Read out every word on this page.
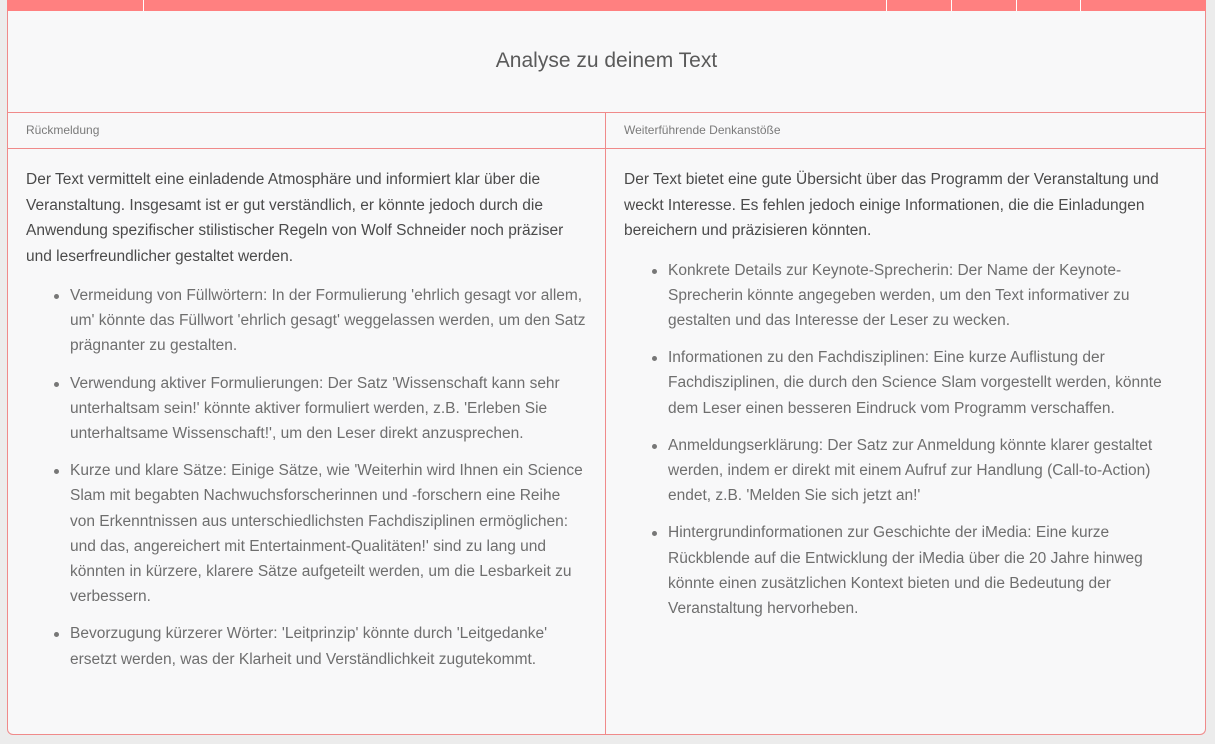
Analyse zu deinem Text
Rückmeldung

Der Text vermittelt eine einladende Atmosphäre und informiert klar über die Veranstaltung. Insgesamt ist er gut verständlich, er könnte jedoch durch die Anwendung spezifischer stilistischer Regeln von Wolf Schneider noch präziser und leserfreundlicher gestaltet werden.

Vermeidung von Füllwörtern: In der Formulierung 'ehrlich gesagt vor allem, um' könnte das Füllwort 'ehrlich gesagt' weggelassen werden, um den Satz prägnanter zu gestalten.
Verwendung aktiver Formulierungen: Der Satz 'Wissenschaft kann sehr unterhaltsam sein!' könnte aktiver formuliert werden, z.B. 'Erleben Sie unterhaltsame Wissenschaft!', um den Leser direkt anzusprechen.
Kurze und klare Sätze: Einige Sätze, wie 'Weiterhin wird Ihnen ein Science Slam mit begabten Nachwuchsforscherinnen und -forschern eine Reihe von Erkenntnissen aus unterschiedlichsten Fachdisziplinen ermöglichen: und das, angereichert mit Entertainment-Qualitäten!' sind zu lang und könnten in kürzere, klarere Sätze aufgeteilt werden, um die Lesbarkeit zu verbessern.
Bevorzugung kürzerer Wörter: 'Leitprinzip' könnte durch 'Leitgedanke' ersetzt werden, was der Klarheit und Verständlichkeit zugutekommt.
Weiterführende Denkanstöße

Der Text bietet eine gute Übersicht über das Programm der Veranstaltung und weckt Interesse. Es fehlen jedoch einige Informationen, die die Einladungen bereichern und präzisieren könnten.

Konkrete Details zur Keynote-Sprecherin: Der Name der Keynote-Sprecherin könnte angegeben werden, um den Text informativer zu gestalten und das Interesse der Leser zu wecken.
Informationen zu den Fachdisziplinen: Eine kurze Auflistung der Fachdisziplinen, die durch den Science Slam vorgestellt werden, könnte dem Leser einen besseren Eindruck vom Programm verschaffen.
Anmeldungserklärung: Der Satz zur Anmeldung könnte klarer gestaltet werden, indem er direkt mit einem Aufruf zur Handlung (Call-to-Action) endet, z.B. 'Melden Sie sich jetzt an!'
Hintergrundinformationen zur Geschichte der iMedia: Eine kurze Rückblende auf die Entwicklung der iMedia über die 20 Jahre hinweg könnte einen zusätzlichen Kontext bieten und die Bedeutung der Veranstaltung hervorheben.
